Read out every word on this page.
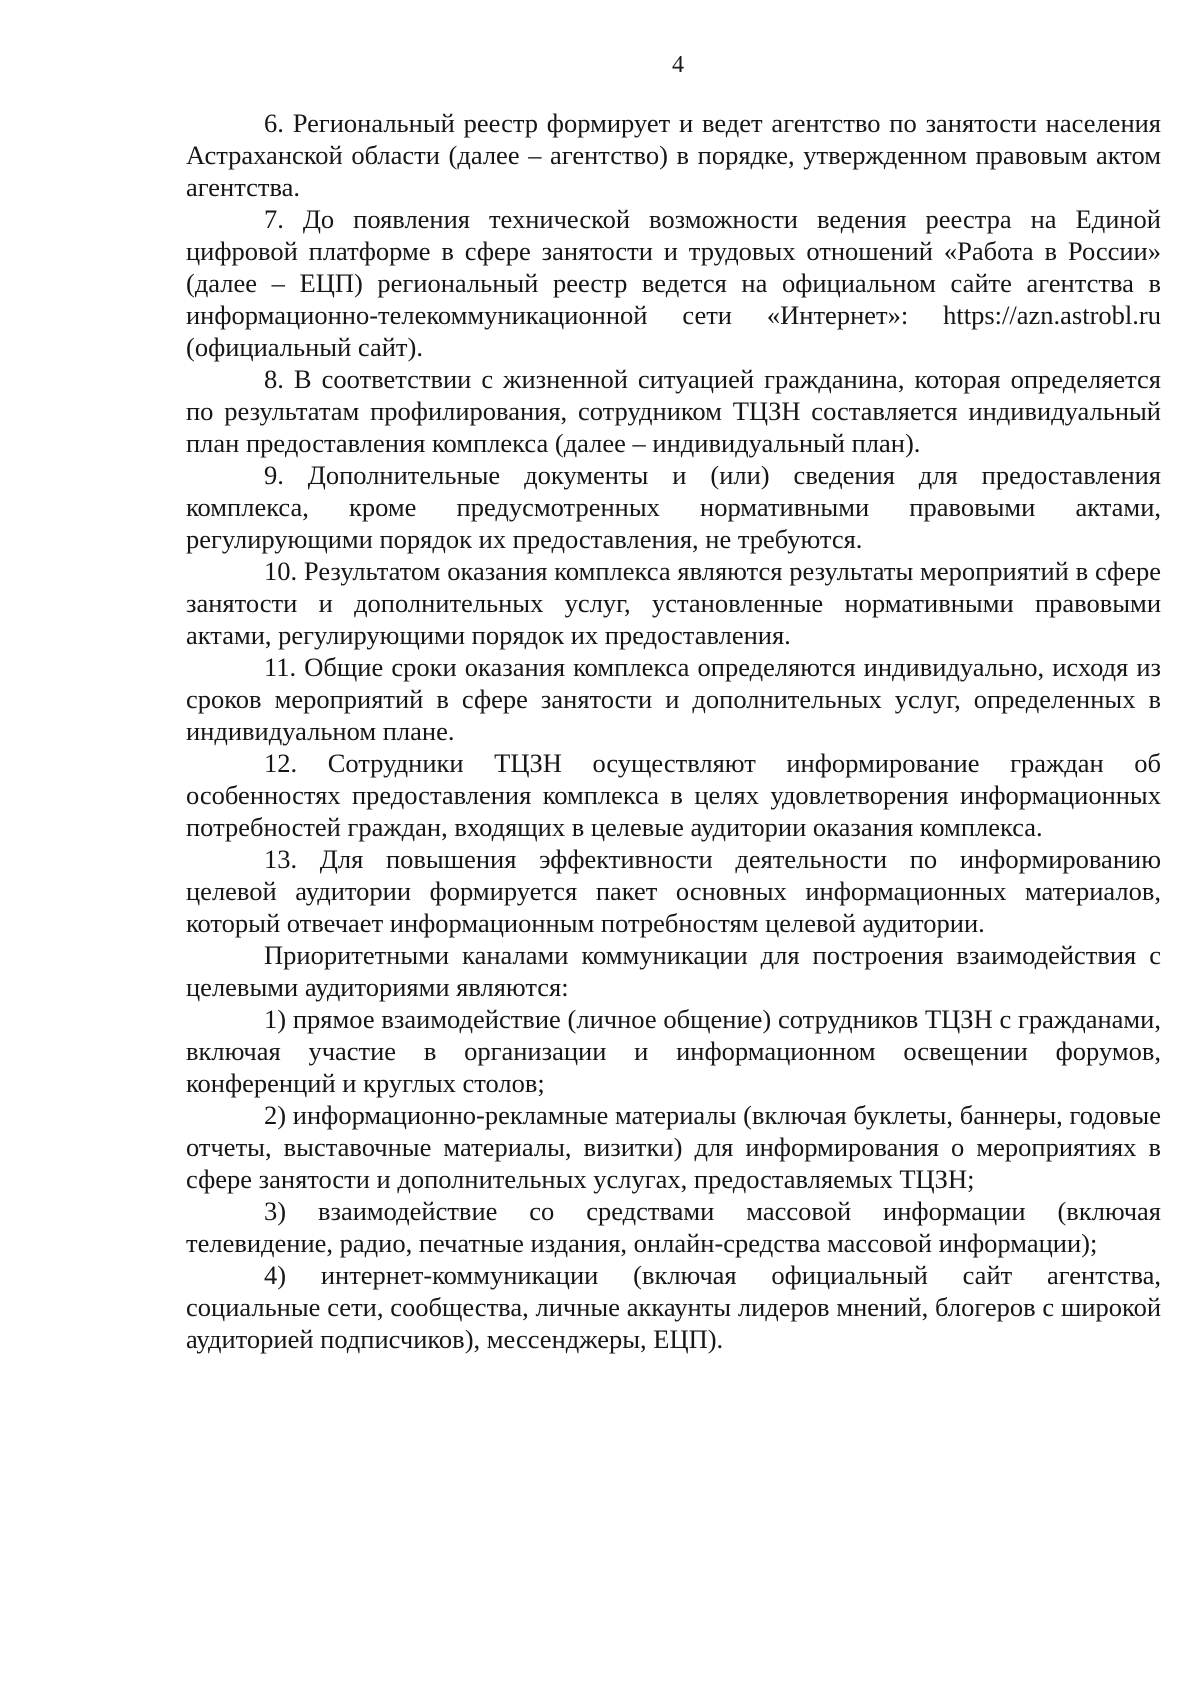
4

6. Региональный реестр формирует и ведет агентство по занятости населения Астраханской области (далее – агентство) в порядке, утвержденном правовым актом агентства.

7. До появления технической возможности ведения реестра на Единой цифровой платформе в сфере занятости и трудовых отношений «Работа в России» (далее – ЕЦП) региональный реестр ведется на официальном сайте агентства в информационно-телекоммуникационной сети «Интернет»: https://azn.astrobl.ru (официальный сайт).

8. В соответствии с жизненной ситуацией гражданина, которая определяется по результатам профилирования, сотрудником ТЦЗН составляется индивидуальный план предоставления комплекса (далее – индивидуальный план).

9. Дополнительные документы и (или) сведения для предоставления комплекса, кроме предусмотренных нормативными правовыми актами, регулирующими порядок их предоставления, не требуются.

10. Результатом оказания комплекса являются результаты мероприятий в сфере занятости и дополнительных услуг, установленные нормативными правовыми актами, регулирующими порядок их предоставления.

11. Общие сроки оказания комплекса определяются индивидуально, исходя из сроков мероприятий в сфере занятости и дополнительных услуг, определенных в индивидуальном плане.

12. Сотрудники ТЦЗН осуществляют информирование граждан об особенностях предоставления комплекса в целях удовлетворения информационных потребностей граждан, входящих в целевые аудитории оказания комплекса.

13. Для повышения эффективности деятельности по информированию целевой аудитории формируется пакет основных информационных материалов, который отвечает информационным потребностям целевой аудитории.

Приоритетными каналами коммуникации для построения взаимодействия с целевыми аудиториями являются:

1) прямое взаимодействие (личное общение) сотрудников ТЦЗН с гражданами, включая участие в организации и информационном освещении форумов, конференций и круглых столов;

2) информационно-рекламные материалы (включая буклеты, баннеры, годовые отчеты, выставочные материалы, визитки) для информирования о мероприятиях в сфере занятости и дополнительных услугах, предоставляемых ТЦЗН;

3) взаимодействие со средствами массовой информации (включая телевидение, радио, печатные издания, онлайн-средства массовой информации);

4) интернет-коммуникации (включая официальный сайт агентства, социальные сети, сообщества, личные аккаунты лидеров мнений, блогеров с широкой аудиторией подписчиков), мессенджеры, ЕЦП).
